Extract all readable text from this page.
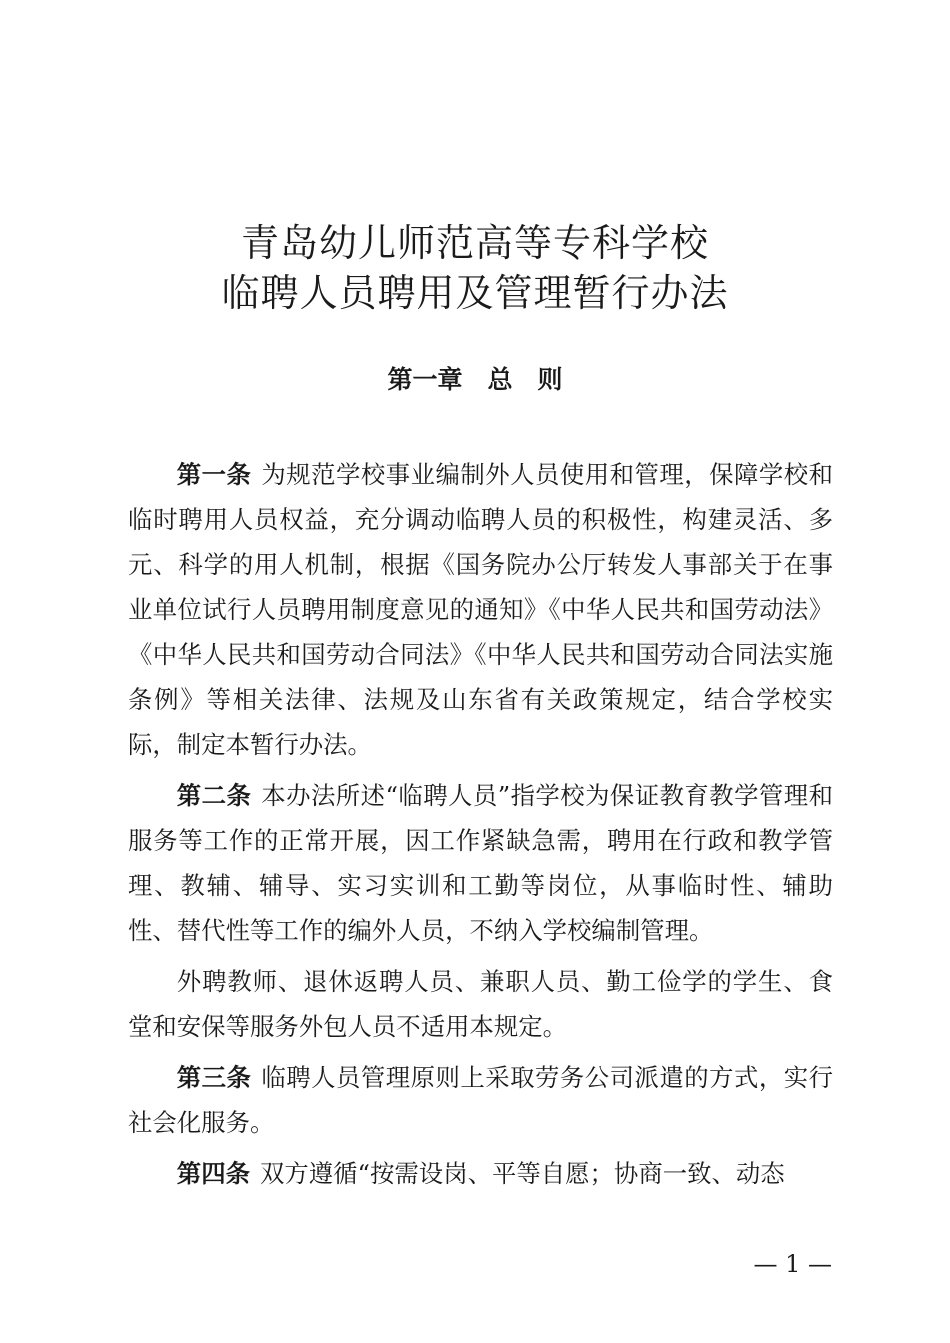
青岛幼儿师范高等专科学校
临聘人员聘用及管理暂行办法
第一章　总　则

第一条 为规范学校事业编制外人员使用和管理，保障学校和临时聘用人员权益，充分调动临聘人员的积极性，构建灵活、多元、科学的用人机制，根据《国务院办公厅转发人事部关于在事业单位试行人员聘用制度意见的通知》《中华人民共和国劳动法》《中华人民共和国劳动合同法》《中华人民共和国劳动合同法实施条例》等相关法律、法规及山东省有关政策规定，结合学校实际，制定本暂行办法。

第二条 本办法所述“临聘人员”指学校为保证教育教学管理和服务等工作的正常开展，因工作紧缺急需，聘用在行政和教学管理、教辅、辅导、实习实训和工勤等岗位，从事临时性、辅助性、替代性等工作的编外人员，不纳入学校编制管理。

外聘教师、退休返聘人员、兼职人员、勤工俭学的学生、食堂和安保等服务外包人员不适用本规定。

第三条 临聘人员管理原则上采取劳务公司派遣的方式，实行社会化服务。

第四条 双方遵循“按需设岗、平等自愿；协商一致、动态

— 1 —
